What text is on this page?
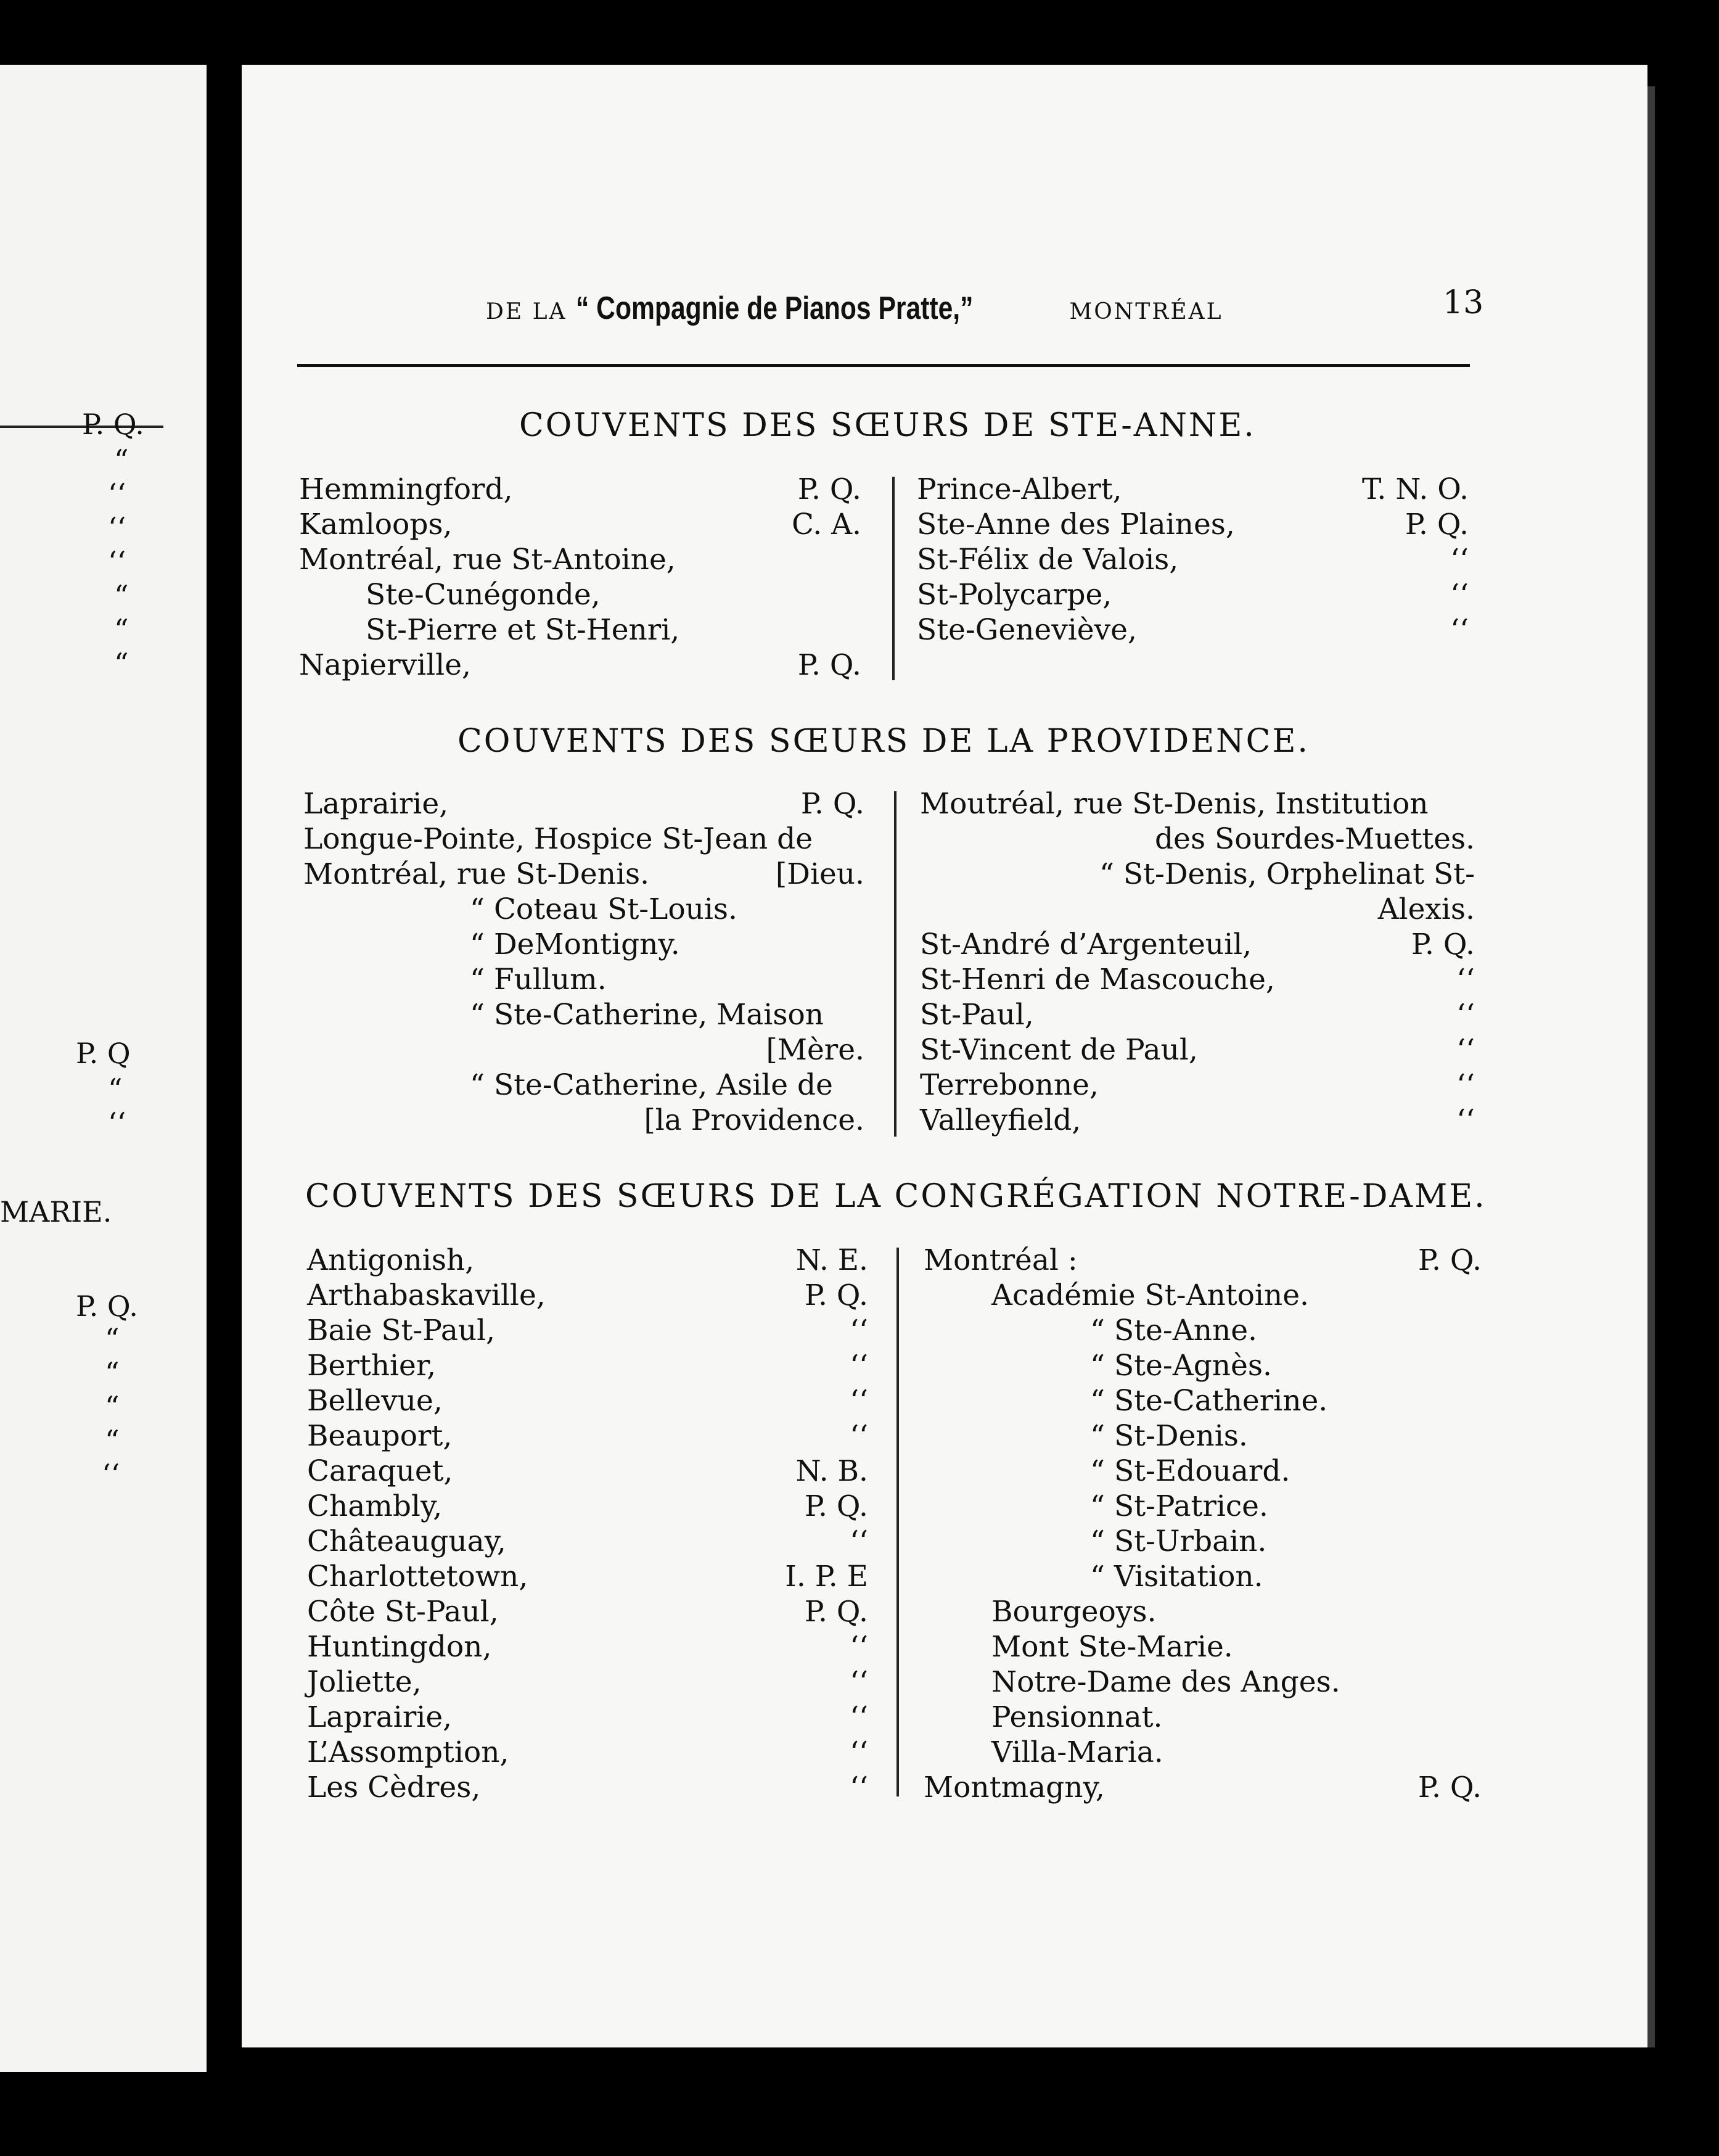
P. Q.
“
‘‘
‘‘
‘‘
“
“
“
P. Q
“
‘‘
MARIE.
P. Q.
“
“
“
“
‘‘
DE LA “ Compagnie de Pianos Pratte,”	MONTRÉAL	13
COUVENTS DES SŒURS DE STE-ANNE.
Hemmingford,	P. Q.
Kamloops,	C. A.
Montréal, rue St-Antoine,
Ste-Cunégonde,
St-Pierre et St-Henri,
Napierville,	P. Q.
Prince-Albert,	T. N. O.
Ste-Anne des Plaines,	P. Q.
St-Félix de Valois,	‘‘
St-Polycarpe,	‘‘
Ste-Geneviève,	‘‘
COUVENTS DES SŒURS DE LA PROVIDENCE.
Laprairie,	P. Q.
Longue-Pointe, Hospice St-Jean de
Montréal, rue St-Denis.	[Dieu.
“ Coteau St-Louis.
“ DeMontigny.
“ Fullum.
“ Ste-Catherine, Maison
[Mère.
“ Ste-Catherine, Asile de
[la Providence.
Moutréal, rue St-Denis, Institution
des Sourdes-Muettes.
“ St-Denis, Orphelinat St-
Alexis.
St-André d’Argenteuil,	P. Q.
St-Henri de Mascouche,	‘‘
St-Paul,	‘‘
St-Vincent de Paul,	‘‘
Terrebonne,	‘‘
Valleyfield,	‘‘
COUVENTS DES SŒURS DE LA CONGRÉGATION NOTRE-DAME.
Antigonish,	N. E.
Arthabaskaville,	P. Q.
Baie St-Paul,	‘‘
Berthier,	‘‘
Bellevue,	‘‘
Beauport,	‘‘
Caraquet,	N. B.
Chambly,	P. Q.
Châteauguay,	‘‘
Charlottetown,	I. P. E
Côte St-Paul,	P. Q.
Huntingdon,	‘‘
Joliette,	‘‘
Laprairie,	‘‘
L’Assomption,	‘‘
Les Cèdres,	‘‘
Montréal :	P. Q.
Académie St-Antoine.
“ Ste-Anne.
“ Ste-Agnès.
“ Ste-Catherine.
“ St-Denis.
“ St-Edouard.
“ St-Patrice.
“ St-Urbain.
“ Visitation.
Bourgeoys.
Mont Ste-Marie.
Notre-Dame des Anges.
Pensionnat.
Villa-Maria.
Montmagny,	P. Q.
